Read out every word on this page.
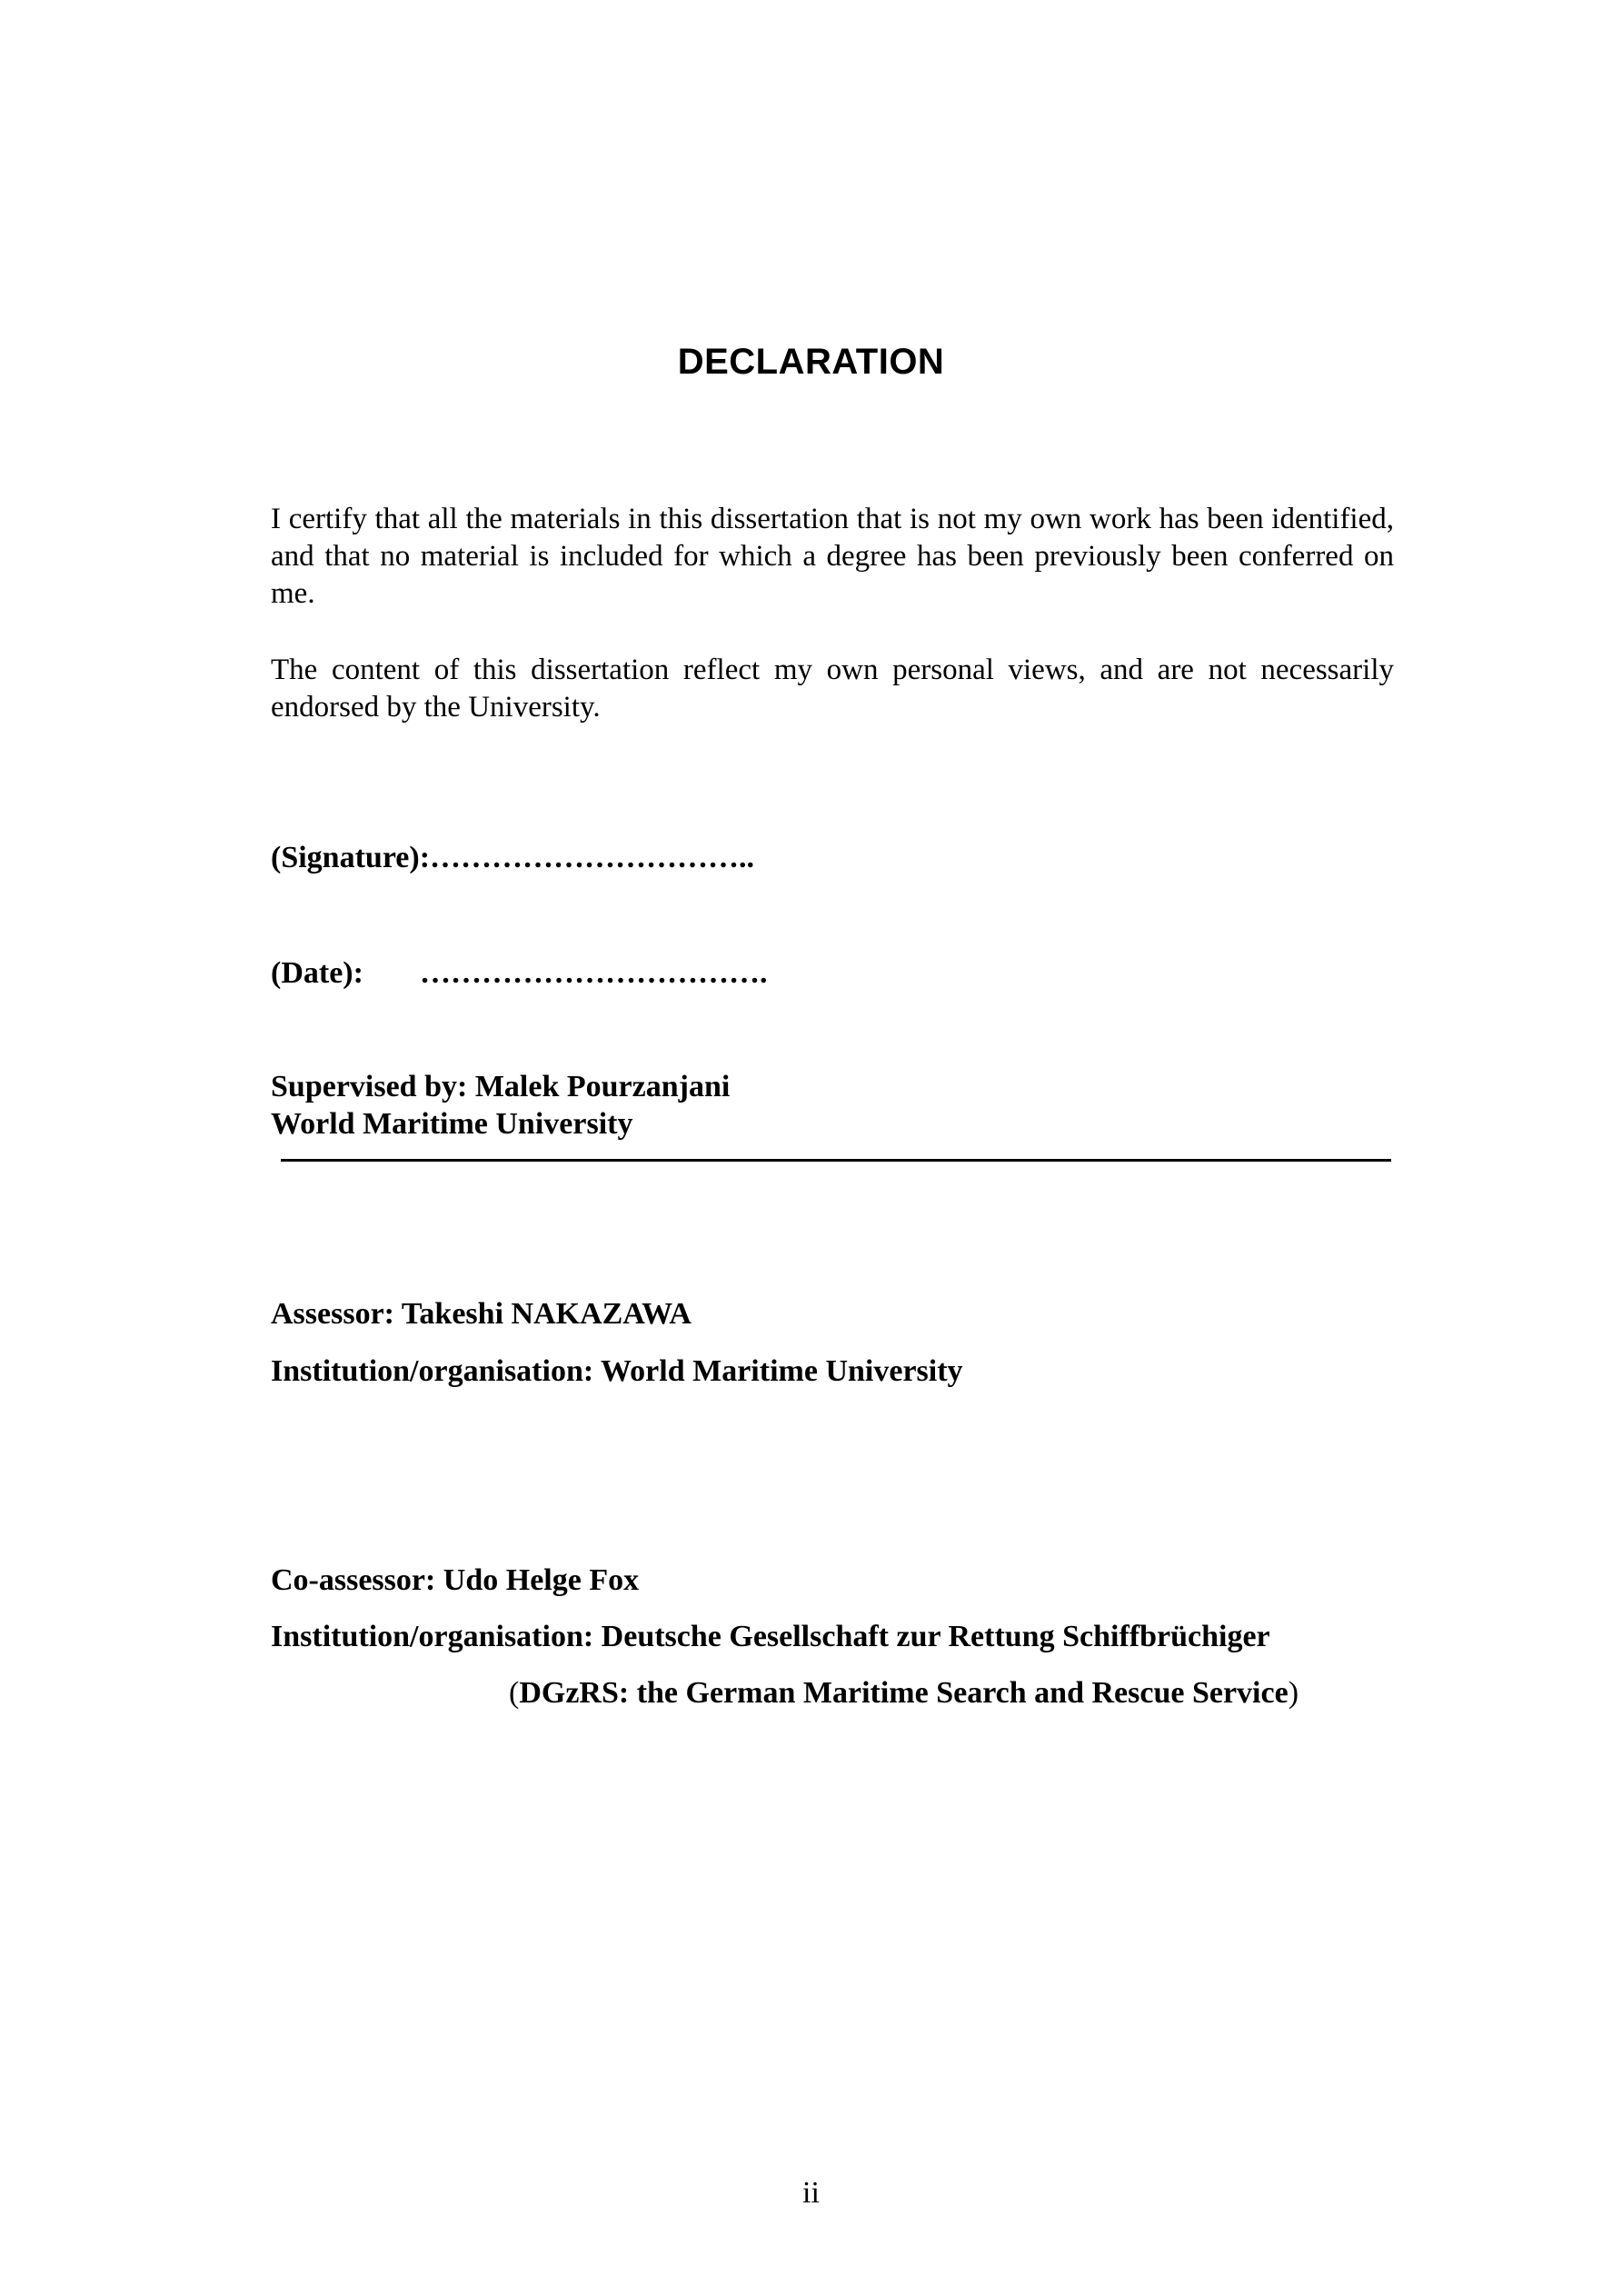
DECLARATION

I certify that all the materials in this dissertation that is not my own work has been identified, and that no material is included for which a degree has been previously been conferred on me.

The content of this dissertation reflect my own personal views, and are not necessarily endorsed by the University.

(Signature):…………………………..
(Date): …………………………….
Supervised by: Malek Pourzanjani
World Maritime University
Assessor: Takeshi NAKAZAWA
Institution/organisation: World Maritime University
Co-assessor: Udo Helge Fox
Institution/organisation: Deutsche Gesellschaft zur Rettung Schiffbrüchiger
(DGzRS: the German Maritime Search and Rescue Service)
ii
